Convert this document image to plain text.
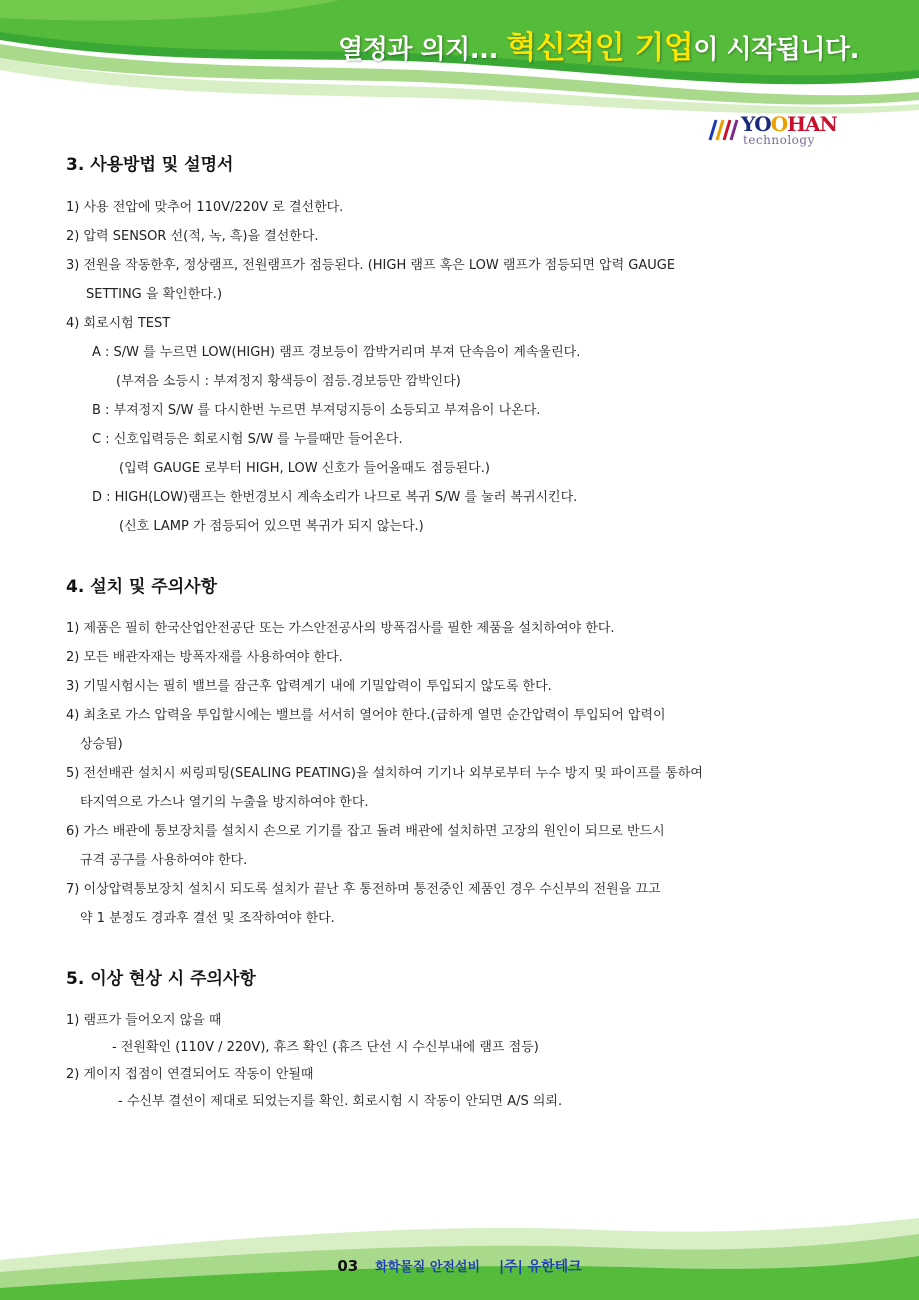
열정과 의지... 혁신적인 기업이 시작됩니다.
YOOHAN
technology
3. 사용방법 및 설명서
1) 사용 전압에 맞추어 110V/220V 로 결선한다.
2) 압력 SENSOR 선(적, 녹, 흑)을 결선한다.
3) 전원을 작동한후, 정상램프, 전원램프가 점등된다. (HIGH 램프 혹은 LOW 램프가 점등되면 압력 GAUGE
SETTING 을 확인한다.)
4) 회로시험 TEST
A : S/W 를 누르면 LOW(HIGH) 램프 경보등이 깜박거리며 부져 단속음이 계속울린다.
(부져음 소등시 : 부져정지 황색등이 점등.경보등만 깜박인다)
B : 부져정지 S/W 를 다시한번 누르면 부져덩지등이 소등되고 부져음이 나온다.
C : 신호입력등은 회로시험 S/W 를 누를때만 들어온다.
(입력 GAUGE 로부터 HIGH, LOW 신호가 들어올때도 점등된다.)
D : HIGH(LOW)램프는 한번경보시 계속소리가 나므로 복귀 S/W 를 눌러 복귀시킨다.
(신호 LAMP 가 점등되어 있으면 복귀가 되지 않는다.)
4. 설치 및 주의사항
1) 제품은 필히 한국산업안전공단 또는 가스안전공사의 방폭검사를 필한 제품을 설치하여야 한다.
2) 모든 배관자재는 방폭자재를 사용하여야 한다.
3) 기밀시험시는 필히 밸브를 잠근후 압력계기 내에 기밀압력이 투입되지 않도록 한다.
4) 최초로 가스 압력을 투입할시에는 밸브를 서서히 열어야 한다.(급하게 열면 순간압력이 투입되어 압력이
상승됨)
5) 전선배관 설치시 씨링피팅(SEALING PEATING)을 설치하여 기기나 외부로부터 누수 방지 및 파이프를 통하여
타지역으로 가스나 열기의 누출을 방지하여야 한다.
6) 가스 배관에 통보장치를 설치시 손으로 기기를 잡고 돌려 배관에 설치하면 고장의 원인이 되므로 반드시
규격 공구를 사용하여야 한다.
7) 이상압력통보장치 설치시 되도록 설치가 끝난 후 통전하며 통전중인 제품인 경우 수신부의 전원을 끄고
약 1 분정도 경과후 결선 및 조작하여야 한다.
5. 이상 현상 시 주의사항
1) 램프가 들어오지 않을 때
- 전원확인 (110V / 220V), 휴즈 확인 (휴즈 단선 시 수신부내에 램프 점등)
2) 게이지 접점이 연결되어도 작동이 안될때
- 수신부 결선이 제대로 되었는지를 확인. 회로시험 시 작동이 안되면 A/S 의뢰.
03 화학물질 안전설비 |주| 유한테크
